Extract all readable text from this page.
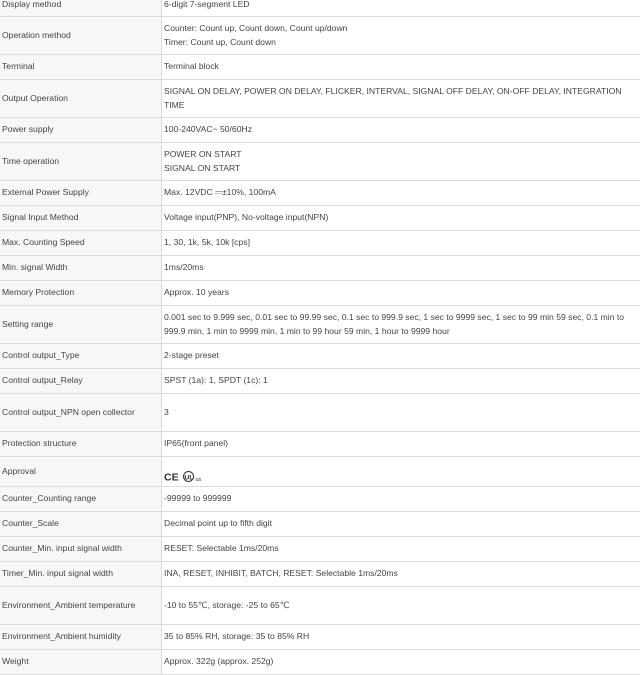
Display method	6-digit 7-segment LED
Operation method	Counter: Count up, Count down, Count up/down
Timer: Count up, Count down
Terminal	Terminal block
Output Operation	SIGNAL ON DELAY, POWER ON DELAY, FLICKER, INTERVAL, SIGNAL OFF DELAY, ON-OFF DELAY, INTEGRATION TIME
Power supply	100-240VAC~ 50/60Hz
Time operation	POWER ON START
SIGNAL ON START
External Power Supply	Max. 12VDC ⎓±10%, 100mA
Signal Input Method	Voltage input(PNP), No-voltage input(NPN)
Max. Counting Speed	1, 30, 1k, 5k, 10k [cps]
Min. signal Width	1ms/20ms
Memory Protection	Approx. 10 years
Setting range	0.001 sec to 9.999 sec, 0.01 sec to 99.99 sec, 0.1 sec to 999.9 sec, 1 sec to 9999 sec, 1 sec to 99 min 59 sec, 0.1 min to 999.9 min, 1 min to 9999 min, 1 min to 99 hour 59 min, 1 hour to 9999 hour
Control output_Type	2-stage preset
Control output_Relay	SPST (1a): 1, SPDT (1c): 1
Control output_NPN open collector	3
Protection structure	IP65(front panel)
Approval	CE UL us

Counter_Counting range	-99999 to 999999
Counter_Scale	Decimal point up to fifth digit
Counter_Min. input signal width	RESET: Selectable 1ms/20ms
Timer_Min. input signal width	INA, RESET, INHIBIT, BATCH, RESET: Selectable 1ms/20ms
Environment_Ambient temperature	-10 to 55℃, storage: -25 to 65℃
Environment_Ambient humidity	35 to 85% RH, storage: 35 to 85% RH
Weight	Approx. 322g (approx. 252g)
